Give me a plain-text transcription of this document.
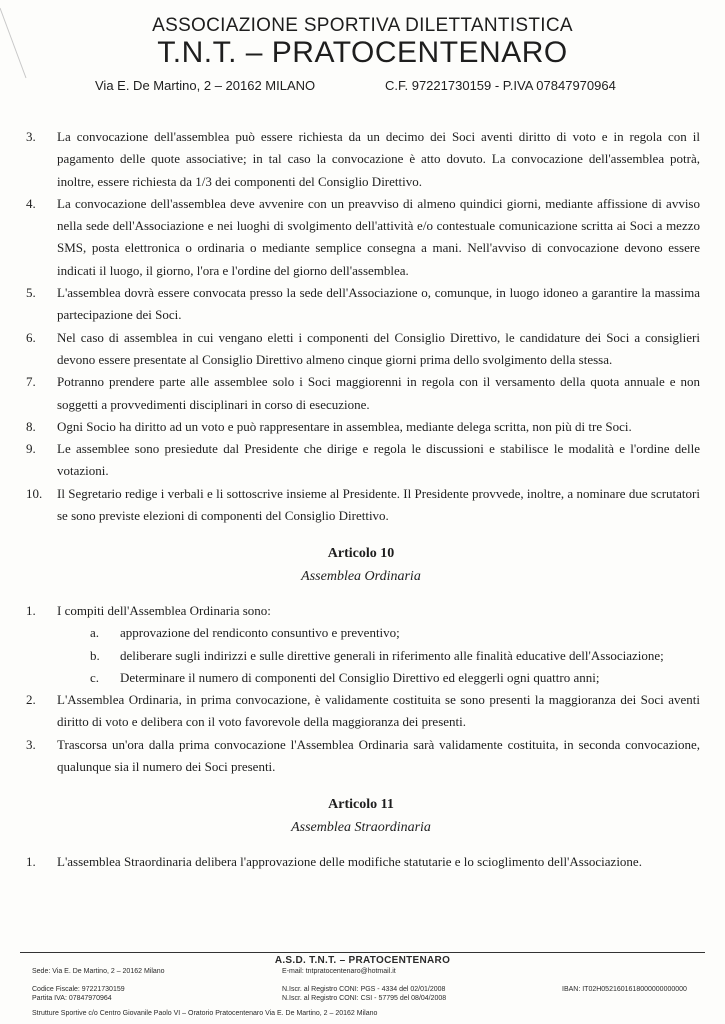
ASSOCIAZIONE SPORTIVA DILETTANTISTICA
T.N.T. – PRATOCENTENARO
Via E. De Martino, 2 – 20162 MILANO	C.F. 97221730159 - P.IVA 07847970964
3.	La convocazione dell'assemblea può essere richiesta da un decimo dei Soci aventi diritto di voto e in regola con il pagamento delle quote associative; in tal caso la convocazione è atto dovuto. La convocazione dell'assemblea potrà, inoltre, essere richiesta da 1/3 dei componenti del Consiglio Direttivo.
4.	La convocazione dell'assemblea deve avvenire con un preavviso di almeno quindici giorni, mediante affissione di avviso nella sede dell'Associazione e nei luoghi di svolgimento dell'attività e/o contestuale comunicazione scritta ai Soci a mezzo SMS, posta elettronica o ordinaria o mediante semplice consegna a mani. Nell'avviso di convocazione devono essere indicati il luogo, il giorno, l'ora e l'ordine del giorno dell'assemblea.
5.	L'assemblea dovrà essere convocata presso la sede dell'Associazione o, comunque, in luogo idoneo a garantire la massima partecipazione dei Soci.
6.	Nel caso di assemblea in cui vengano eletti i componenti del Consiglio Direttivo, le candidature dei Soci a consiglieri devono essere presentate al Consiglio Direttivo almeno cinque giorni prima dello svolgimento della stessa.
7.	Potranno prendere parte alle assemblee solo i Soci maggiorenni in regola con il versamento della quota annuale e non soggetti a provvedimenti disciplinari in corso di esecuzione.
8.	Ogni Socio ha diritto ad un voto e può rappresentare in assemblea, mediante delega scritta, non più di tre Soci.
9.	Le assemblee sono presiedute dal Presidente che dirige e regola le discussioni e stabilisce le modalità e l'ordine delle votazioni.
10.	Il Segretario redige i verbali e li sottoscrive insieme al Presidente. Il Presidente provvede, inoltre, a nominare due scrutatori se sono previste elezioni di componenti del Consiglio Direttivo.
Articolo 10
Assemblea Ordinaria
1.	I compiti dell'Assemblea Ordinaria sono:
a.	approvazione del rendiconto consuntivo e preventivo;
b.	deliberare sugli indirizzi e sulle direttive generali in riferimento alle finalità educative dell'Associazione;
c.	Determinare il numero di componenti del Consiglio Direttivo ed eleggerli ogni quattro anni;
2.	L'Assemblea Ordinaria, in prima convocazione, è validamente costituita se sono presenti la maggioranza dei Soci aventi diritto di voto e delibera con il voto favorevole della maggioranza dei presenti.
3.	Trascorsa un'ora dalla prima convocazione l'Assemblea Ordinaria sarà validamente costituita, in seconda convocazione, qualunque sia il numero dei Soci presenti.
Articolo 11
Assemblea Straordinaria
1.	L'assemblea Straordinaria delibera l'approvazione delle modifiche statutarie e lo scioglimento dell'Associazione.
A.S.D. T.N.T. – PRATOCENTENARO
Sede: Via E. De Martino, 2 – 20162 Milano	E-mail: tntpratocentenaro@hotmail.it
Codice Fiscale: 97221730159
Partita IVA: 07847970964
N.Iscr. al Registro CONI: PGS - 4334 del 02/01/2008
N.Iscr. al Registro CONI: CSI - 57795 del 08/04/2008
IBAN: IT02H0521601618000000000000
Strutture Sportive c/o Centro Giovanile Paolo VI – Oratorio Pratocentenaro Via E. De Martino, 2 – 20162 Milano
